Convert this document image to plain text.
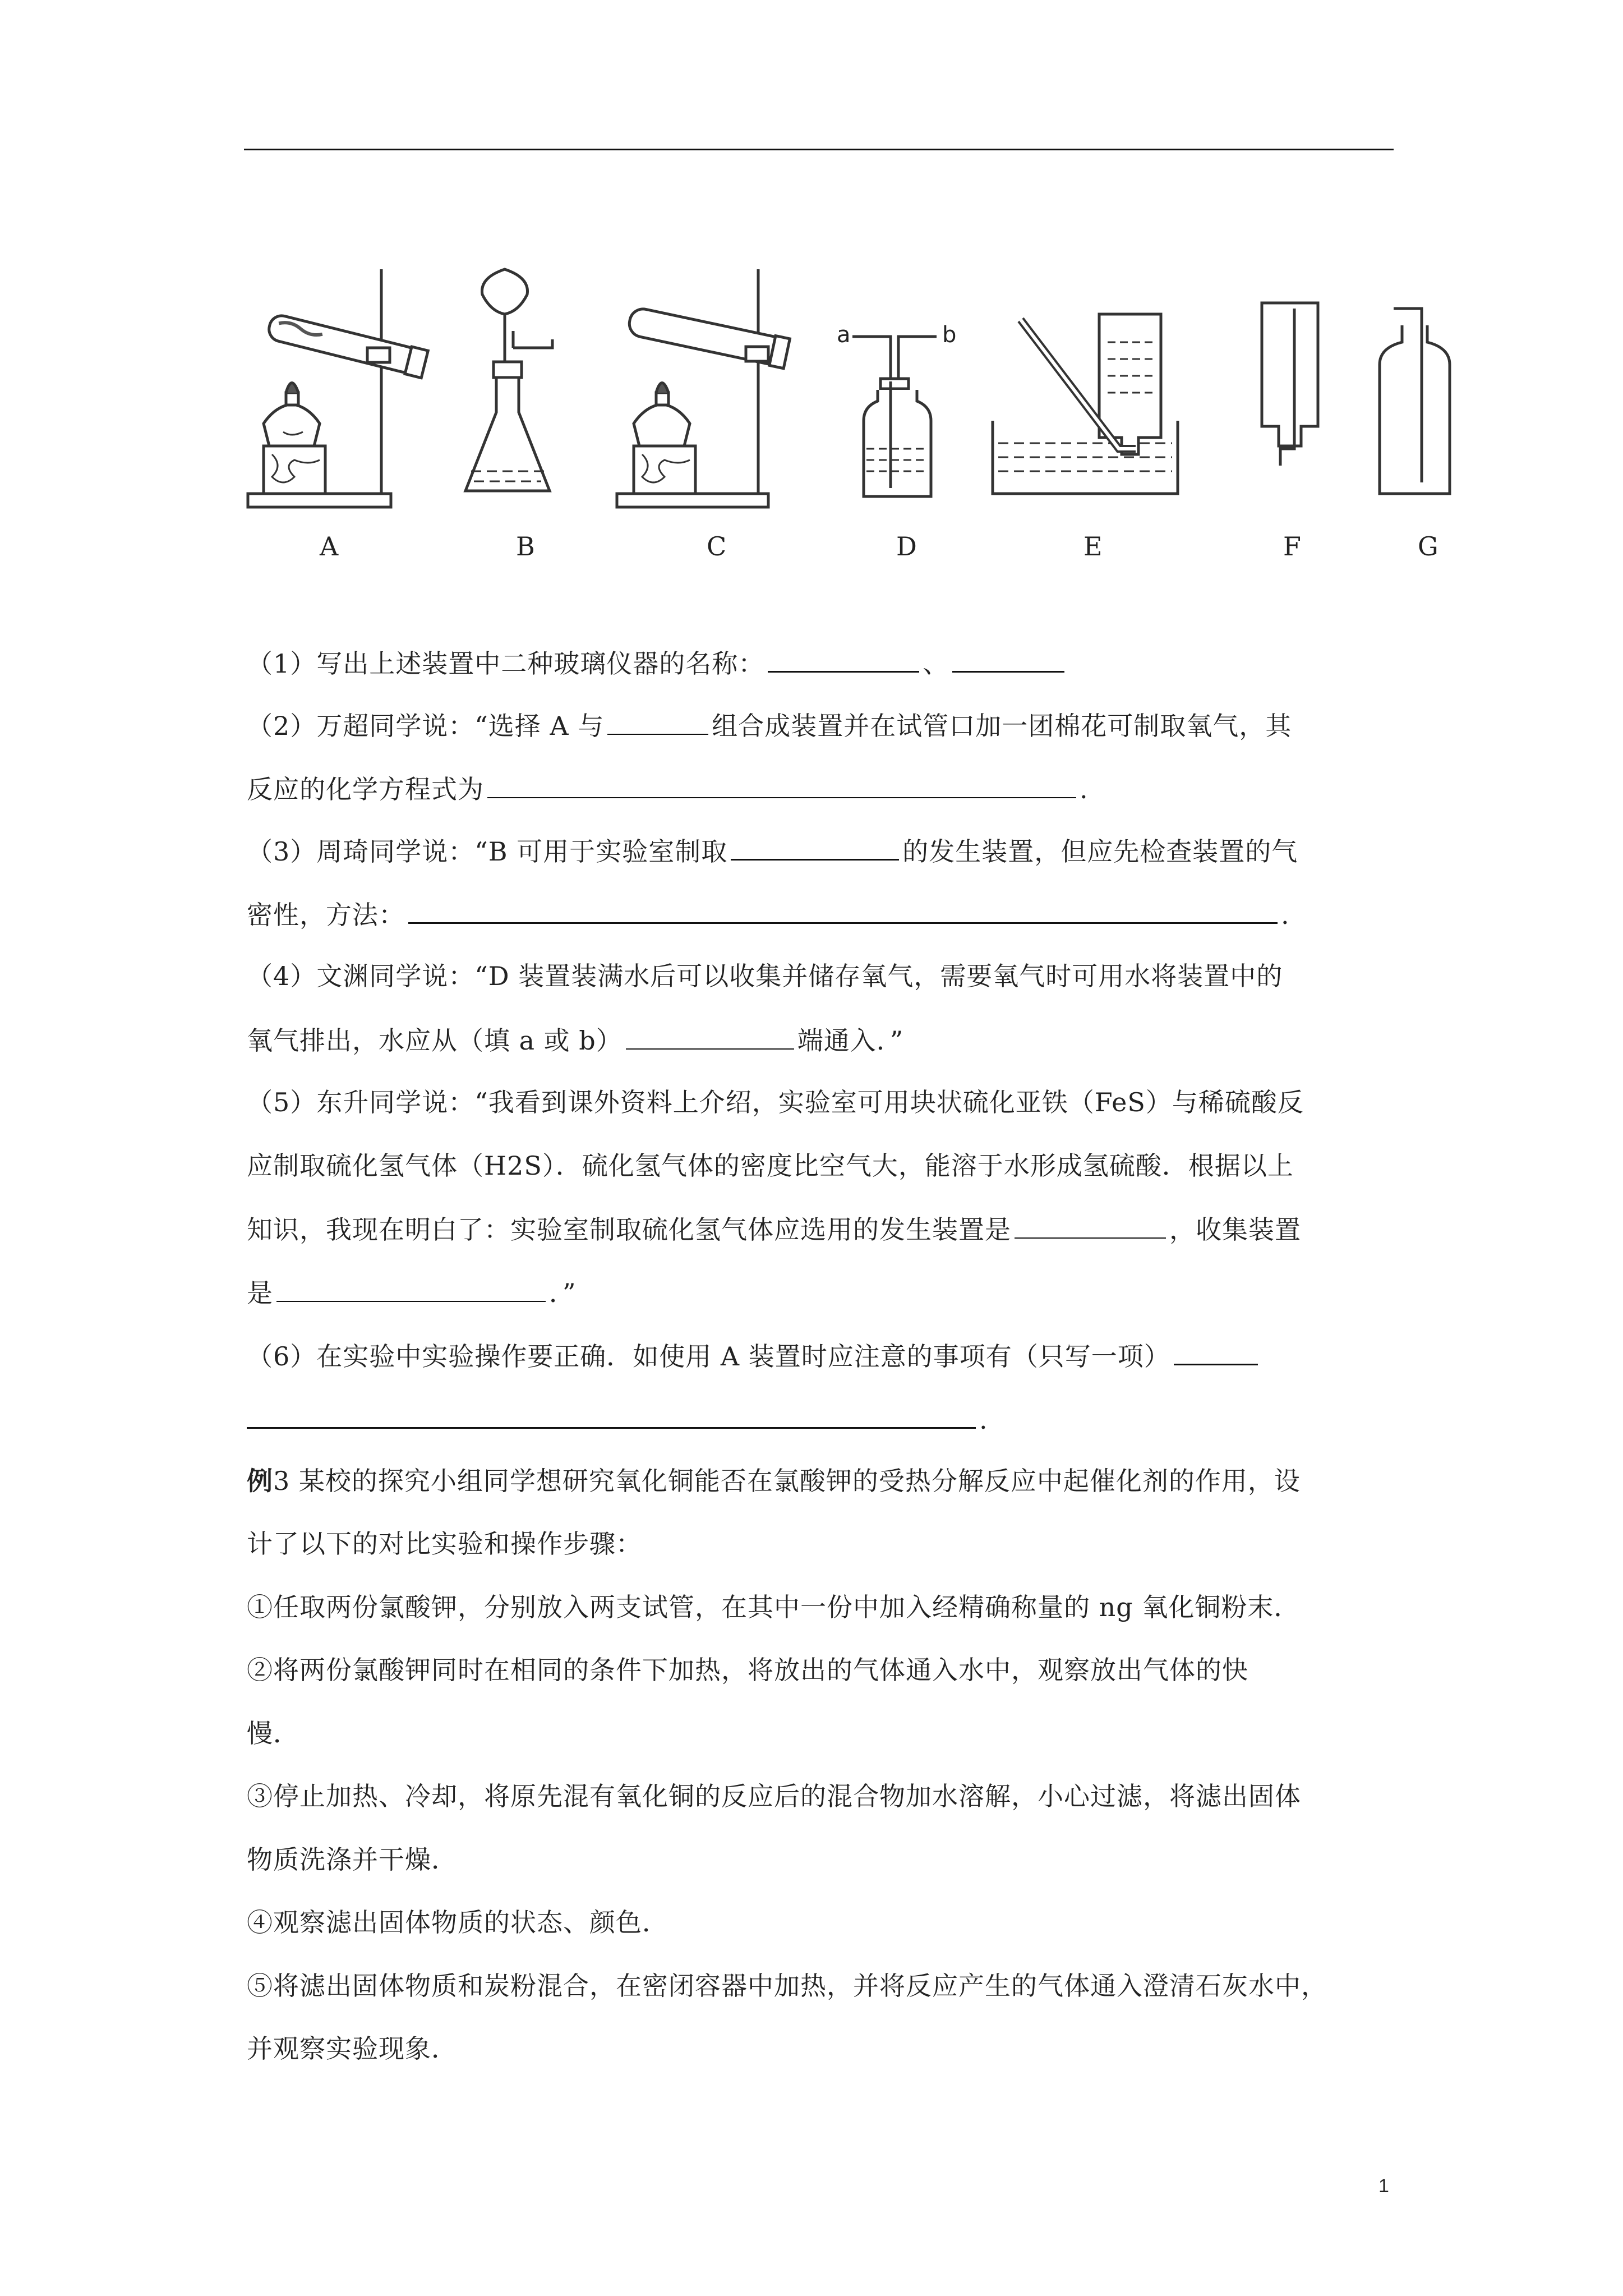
a	b
A	B	C	D	E	F	G
（1）写出上述装置中二种玻璃仪器的名称：	、
（2）万超同学说：“选择 A 与	组合成装置并在试管口加一团棉花可制取氧气，其
反应的化学方程式为	.
（3）周琦同学说：“B 可用于实验室制取	的发生装置，但应先检查装置的气
密性，方法：	.
（4）文渊同学说：“D 装置装满水后可以收集并储存氧气，需要氧气时可用水将装置中的
氧气排出，水应从（填 a 或 b）	端通入．”
（5）东升同学说：“我看到课外资料上介绍，实验室可用块状硫化亚铁（FeS）与稀硫酸反
应制取硫化氢气体（H2S）．硫化氢气体的密度比空气大，能溶于水形成氢硫酸．根据以上
知识，我现在明白了：实验室制取硫化氢气体应选用的发生装置是	，收集装置
是	．”
（6）在实验中实验操作要正确．如使用 A 装置时应注意的事项有（只写一项）
.
例3 某校的探究小组同学想研究氧化铜能否在氯酸钾的受热分解反应中起催化剂的作用，设
计了以下的对比实验和操作步骤：
①任取两份氯酸钾，分别放入两支试管，在其中一份中加入经精确称量的 ng 氧化铜粉末．
②将两份氯酸钾同时在相同的条件下加热，将放出的气体通入水中，观察放出气体的快
慢．
③停止加热、冷却，将原先混有氧化铜的反应后的混合物加水溶解，小心过滤，将滤出固体
物质洗涤并干燥．
④观察滤出固体物质的状态、颜色．
⑤将滤出固体物质和炭粉混合，在密闭容器中加热，并将反应产生的气体通入澄清石灰水中，
并观察实验现象．
1
